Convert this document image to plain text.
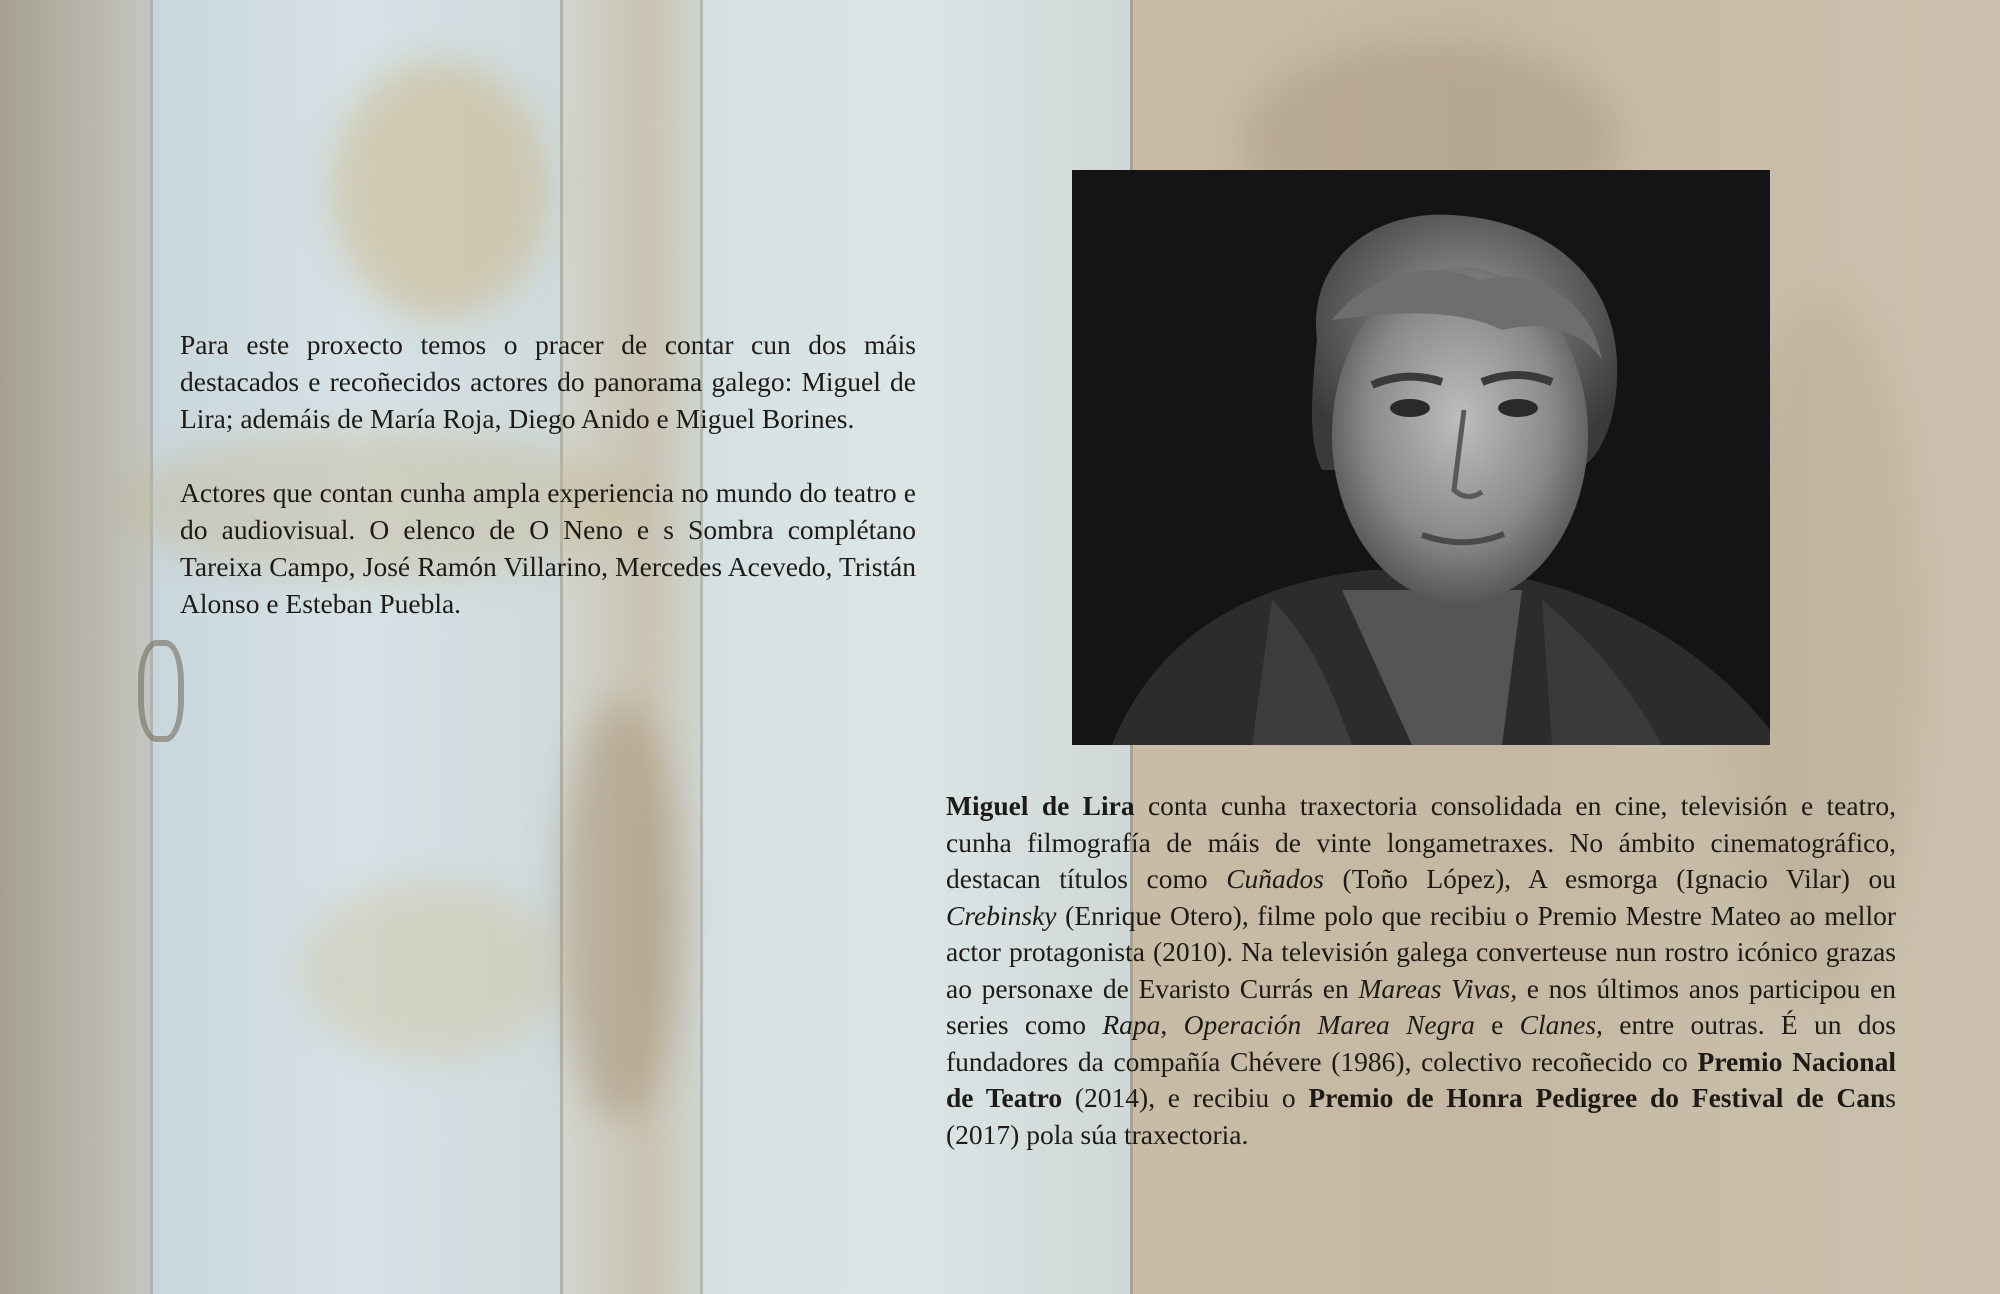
Para este proxecto temos o pracer de contar cun dos máis destacados e recoñecidos actores do panorama galego: Miguel de Lira; ademáis de María Roja, Diego Anido e Miguel Borines.

Actores que contan cunha ampla experiencia no mundo do teatro e do audiovisual. O elenco de O Neno e s Sombra complétano Tareixa Campo, José Ramón Villarino, Mercedes Acevedo, Tristán Alonso e Esteban Puebla.

Miguel de Lira conta cunha traxectoria consolidada en cine, televisión e teatro, cunha filmografía de máis de vinte longametraxes. No ámbito cinematográfico, destacan títulos como Cuñados (Toño López), A esmorga (Ignacio Vilar) ou Crebinsky (Enrique Otero), filme polo que recibiu o Premio Mestre Mateo ao mellor actor protagonista (2010). Na televisión galega converteuse nun rostro icónico grazas ao personaxe de Evaristo Currás en Mareas Vivas, e nos últimos anos participou en series como Rapa, Operación Marea Negra e Clanes, entre outras. É un dos fundadores da compañía Chévere (1986), colectivo recoñecido co Premio Nacional de Teatro (2014), e recibiu o Premio de Honra Pedigree do Festival de Cans (2017) pola súa traxectoria.
